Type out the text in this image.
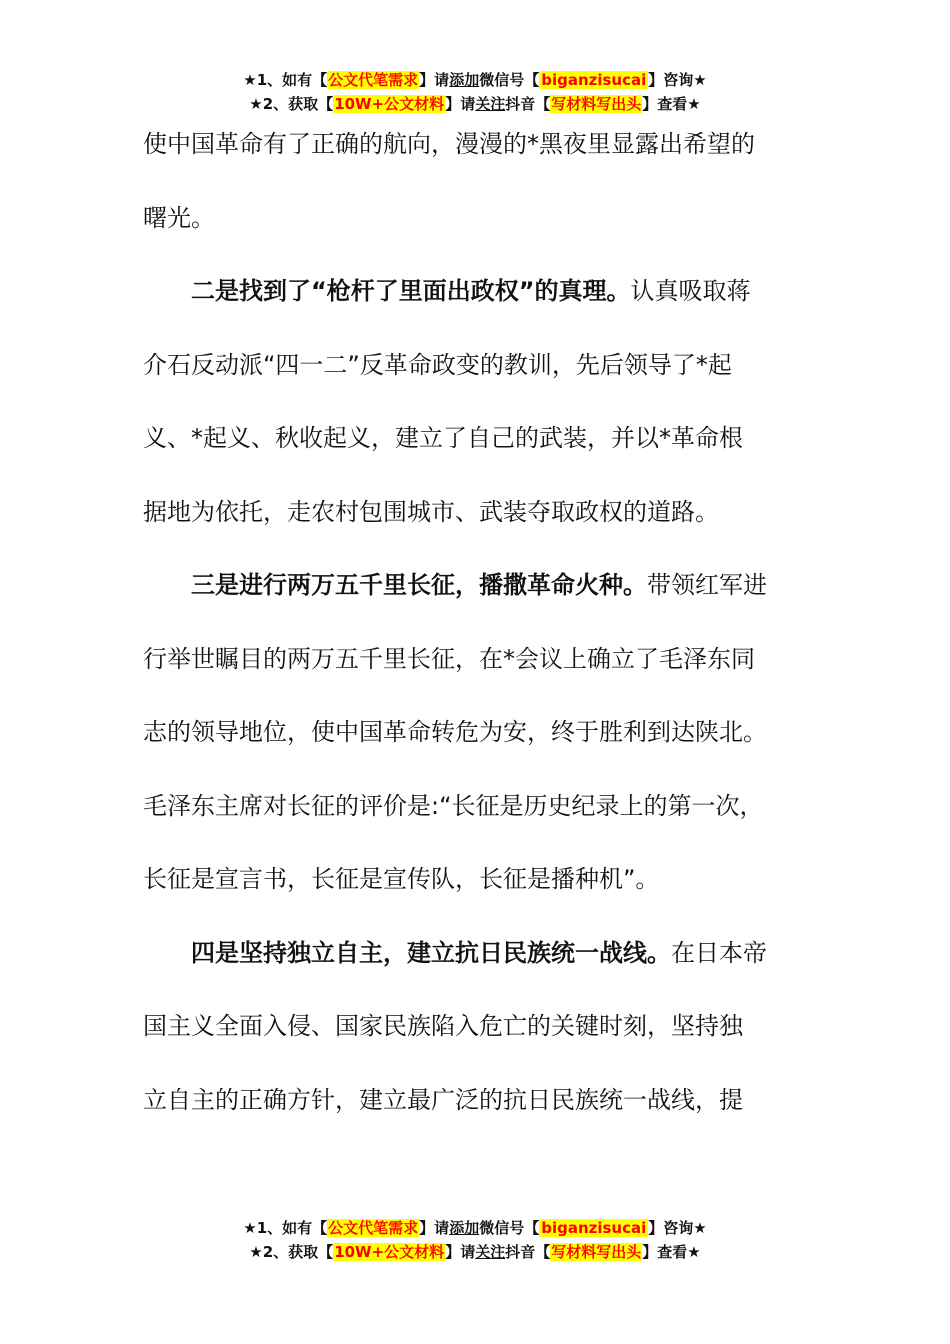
★1、如有【公文代笔需求】请添加微信号【 biganzisucai 】咨询★
★2、获取【10W+公文材料】请关注抖音【写材料写出头】查看★
使中国革命有了正确的航向，漫漫的*黑夜里显露出希望的
曙光。
二是找到了“枪杆了里面出政权”的真理。认真吸取蒋
介石反动派“四一二”反革命政变的教训，先后领导了*起
义、*起义、秋收起义，建立了自己的武装，并以*革命根
据地为依托，走农村包围城市、武装夺取政权的道路。
三是进行两万五千里长征，播撒革命火种。带领红军进
行举世瞩目的两万五千里长征，在*会议上确立了毛泽东同
志的领导地位，使中国革命转危为安，终于胜利到达陕北。
毛泽东主席对长征的评价是:“长征是历史纪录上的第一次，
长征是宣言书，长征是宣传队，长征是播种机”。
四是坚持独立自主，建立抗日民族统一战线。在日本帝
国主义全面入侵、国家民族陷入危亡的关键时刻，坚持独
立自主的正确方针，建立最广泛的抗日民族统一战线，提
★1、如有【公文代笔需求】请添加微信号【 biganzisucai 】咨询★
★2、获取【10W+公文材料】请关注抖音【写材料写出头】查看★
